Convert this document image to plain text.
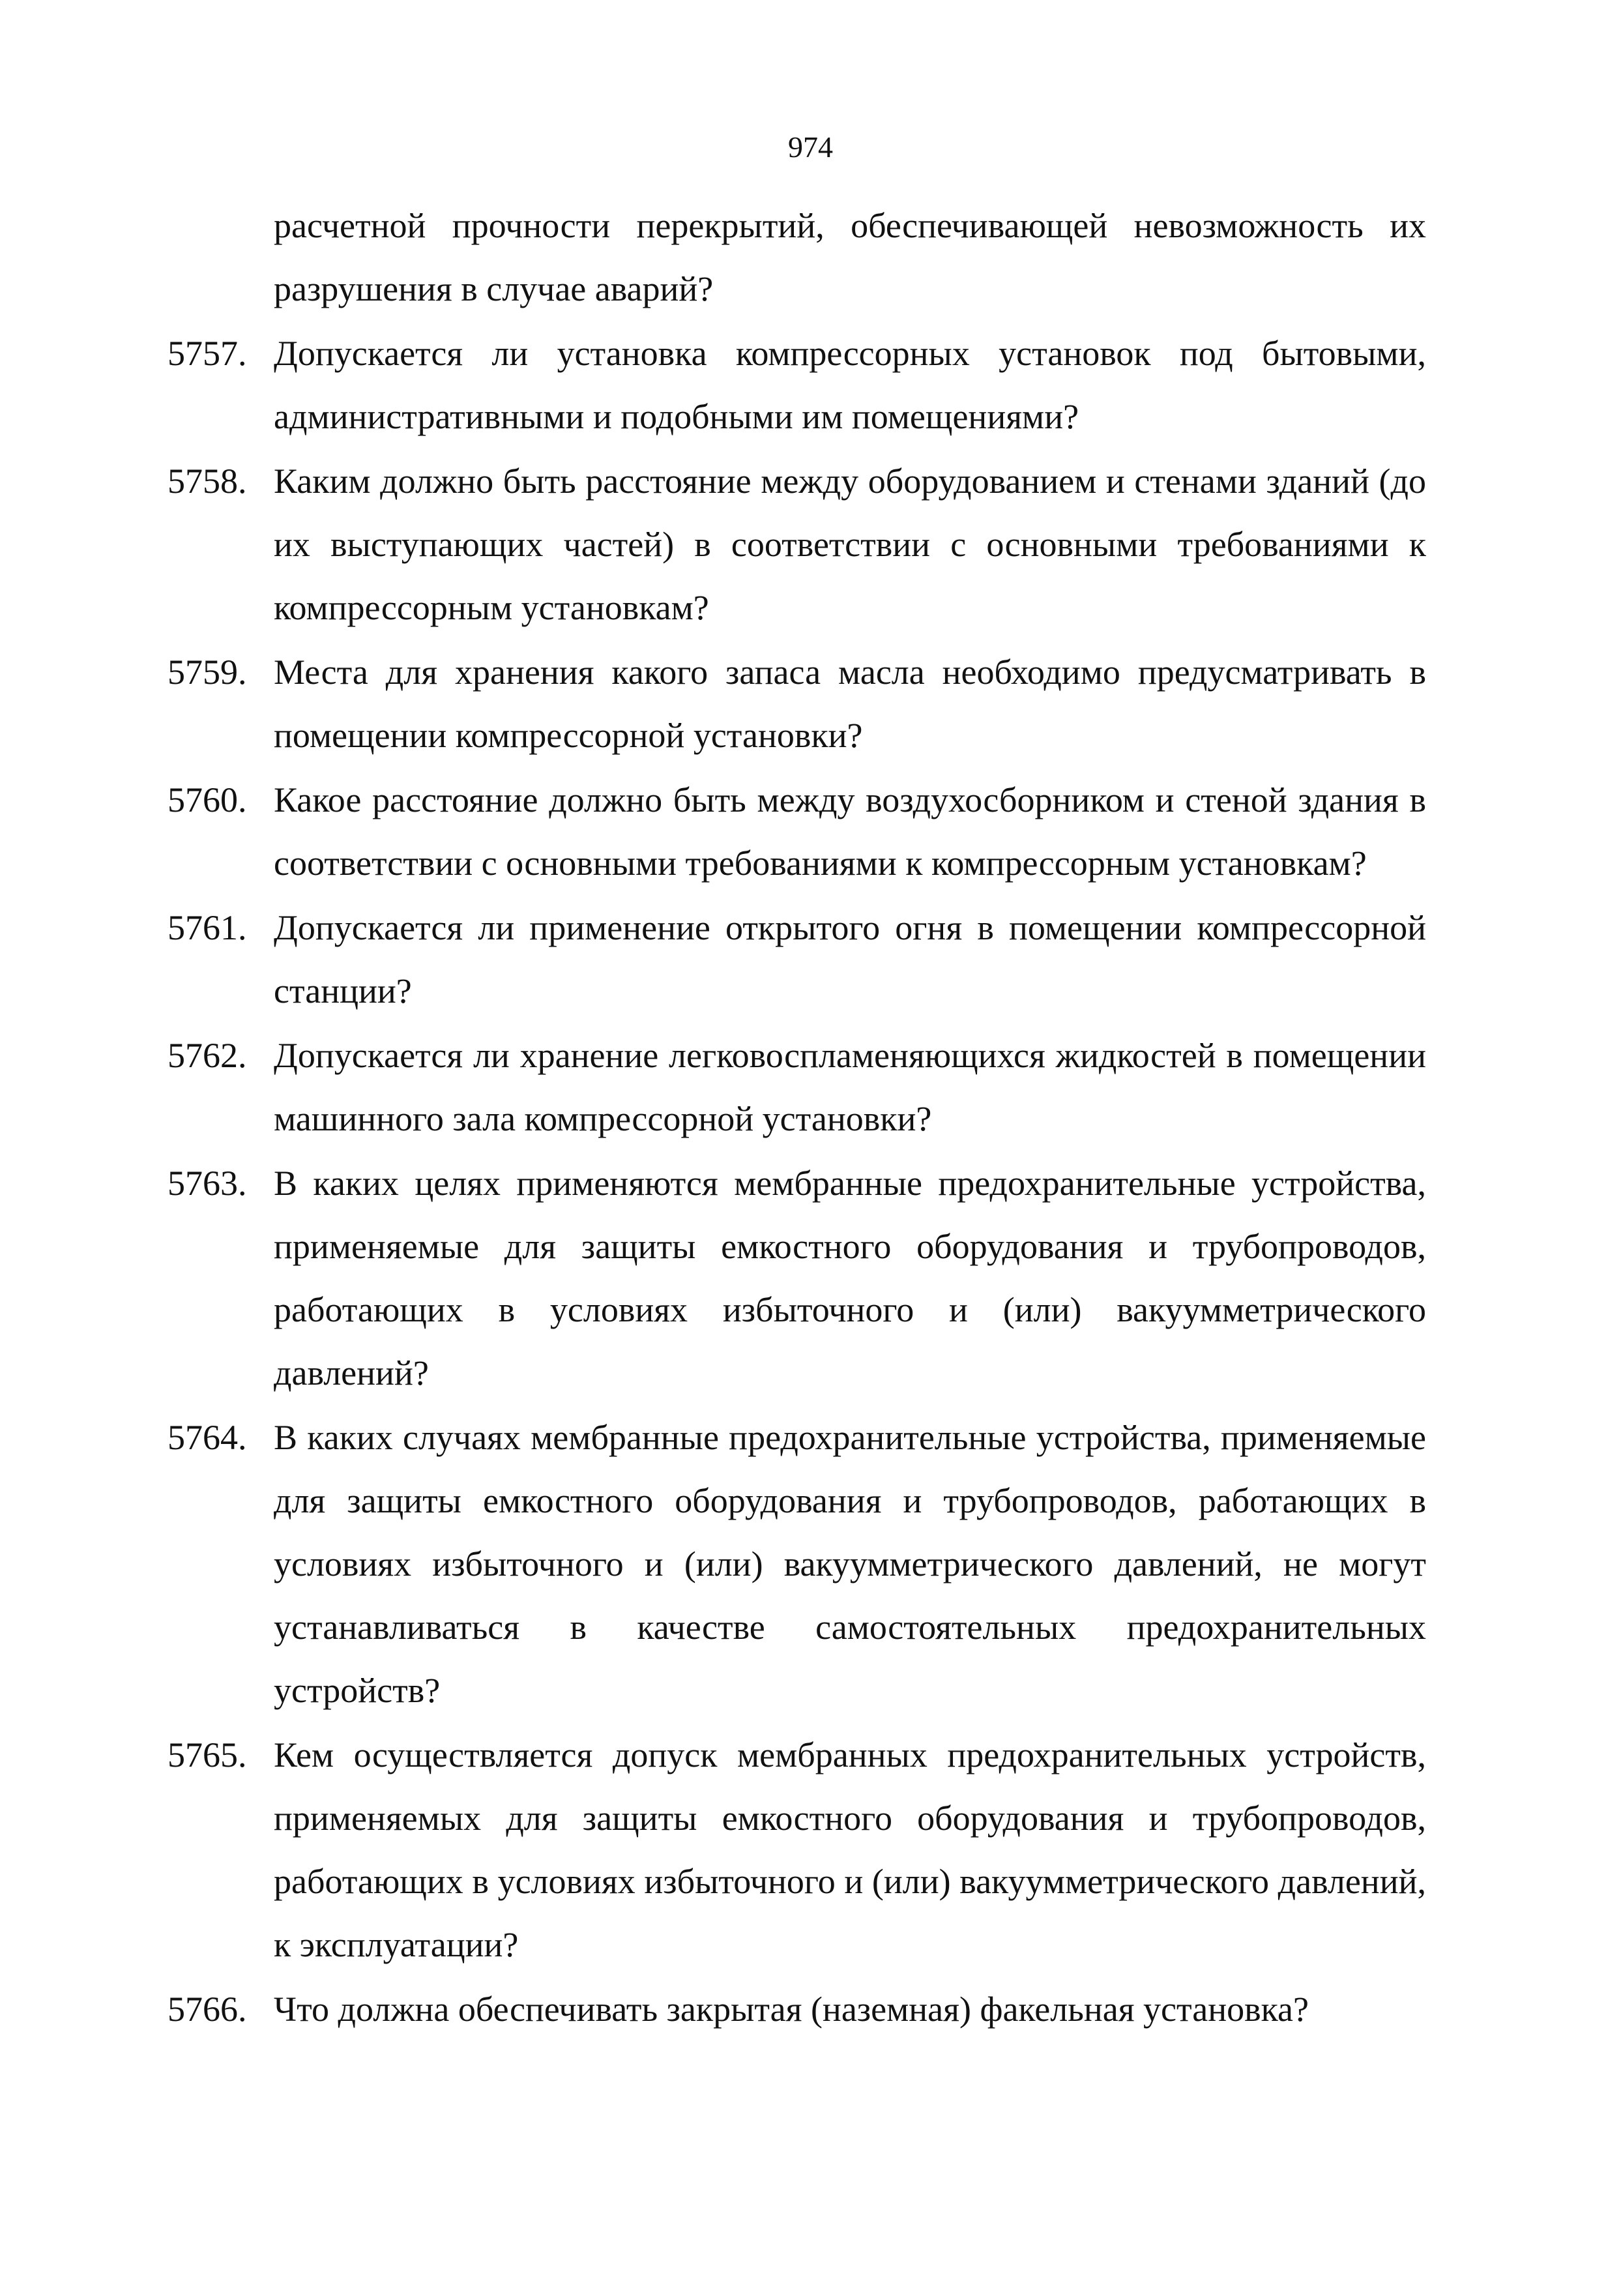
974
расчетной прочности перекрытий, обеспечивающей невозможность их разрушения в случае аварий?
5757. Допускается ли установка компрессорных установок под бытовыми, административными и подобными им помещениями?
5758. Каким должно быть расстояние между оборудованием и стенами зданий (до их выступающих частей) в соответствии с основными требованиями к компрессорным установкам?
5759. Места для хранения какого запаса масла необходимо предусматривать в помещении компрессорной установки?
5760. Какое расстояние должно быть между воздухосборником и стеной здания в соответствии с основными требованиями к компрессорным установкам?
5761. Допускается ли применение открытого огня в помещении компрессорной станции?
5762. Допускается ли хранение легковоспламеняющихся жидкостей в помещении машинного зала компрессорной установки?
5763. В каких целях применяются мембранные предохранительные устройства, применяемые для защиты емкостного оборудования и трубопроводов, работающих в условиях избыточного и (или) вакуумметрического давлений?
5764. В каких случаях мембранные предохранительные устройства, применяемые для защиты емкостного оборудования и трубопроводов, работающих в условиях избыточного и (или) вакуумметрического давлений, не могут устанавливаться в качестве самостоятельных предохранительных устройств?
5765. Кем осуществляется допуск мембранных предохранительных устройств, применяемых для защиты емкостного оборудования и трубопроводов, работающих в условиях избыточного и (или) вакуумметрического давлений, к эксплуатации?
5766. Что должна обеспечивать закрытая (наземная) факельная установка?
